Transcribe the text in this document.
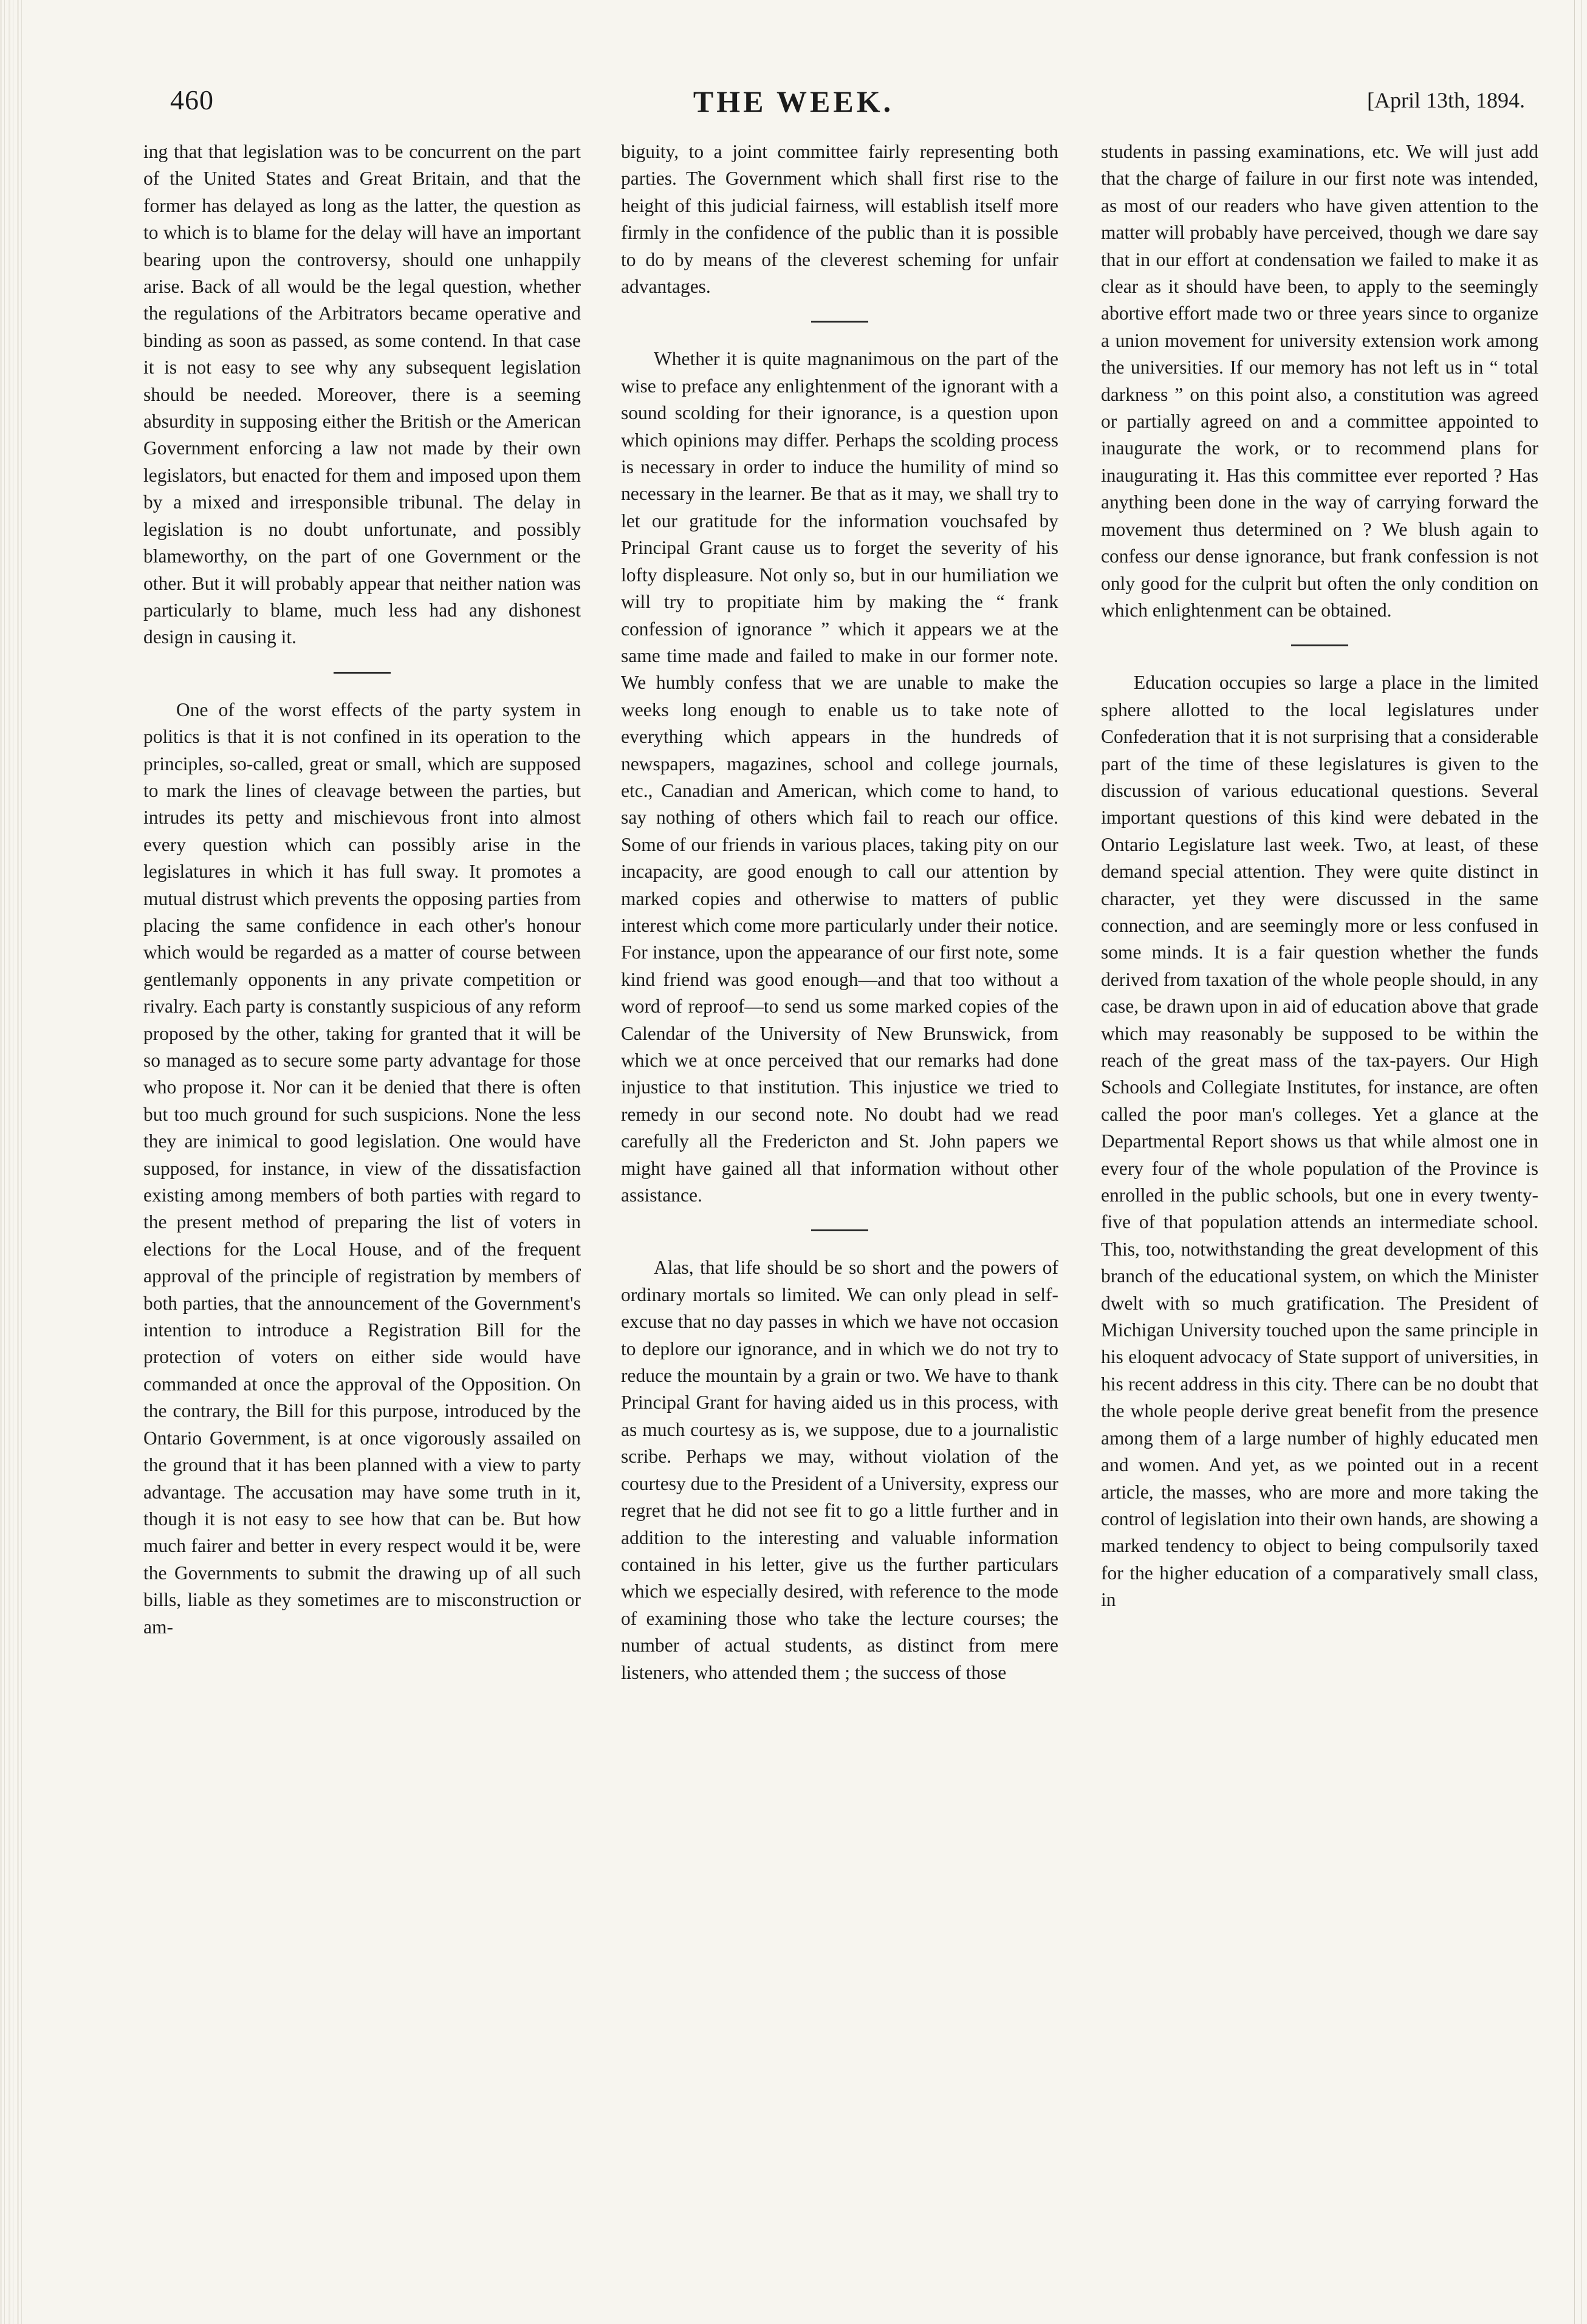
460	THE WEEK.	[April 13th, 1894.

ing that that legislation was to be concurrent on the part of the United States and Great Britain, and that the former has delayed as long as the latter, the question as to which is to blame for the delay will have an important bearing upon the controversy, should one unhappily arise. Back of all would be the legal question, whether the regulations of the Arbitrators became operative and binding as soon as passed, as some contend. In that case it is not easy to see why any subsequent legislation should be needed. Moreover, there is a seeming absurdity in supposing either the British or the American Government enforcing a law not made by their own legislators, but enacted for them and imposed upon them by a mixed and irresponsible tribunal. The delay in legislation is no doubt unfortunate, and possibly blameworthy, on the part of one Government or the other. But it will probably appear that neither nation was particularly to blame, much less had any dishonest design in causing it.

One of the worst effects of the party system in politics is that it is not confined in its operation to the principles, so-called, great or small, which are supposed to mark the lines of cleavage between the parties, but intrudes its petty and mischievous front into almost every question which can possibly arise in the legislatures in which it has full sway. It promotes a mutual distrust which prevents the opposing parties from placing the same confidence in each other's honour which would be regarded as a matter of course between gentlemanly opponents in any private competition or rivalry. Each party is constantly suspicious of any reform proposed by the other, taking for granted that it will be so managed as to secure some party advantage for those who propose it. Nor can it be denied that there is often but too much ground for such suspicions. None the less they are inimical to good legislation. One would have supposed, for instance, in view of the dissatisfaction existing among members of both parties with regard to the present method of preparing the list of voters in elections for the Local House, and of the frequent approval of the principle of registration by members of both parties, that the announcement of the Government's intention to introduce a Registration Bill for the protection of voters on either side would have commanded at once the approval of the Opposition. On the contrary, the Bill for this purpose, introduced by the Ontario Government, is at once vigorously assailed on the ground that it has been planned with a view to party advantage. The accusation may have some truth in it, though it is not easy to see how that can be. But how much fairer and better in every respect would it be, were the Governments to submit the drawing up of all such bills, liable as they sometimes are to misconstruction or am-

biguity, to a joint committee fairly representing both parties. The Government which shall first rise to the height of this judicial fairness, will establish itself more firmly in the confidence of the public than it is possible to do by means of the cleverest scheming for unfair advantages.

Whether it is quite magnanimous on the part of the wise to preface any enlightenment of the ignorant with a sound scolding for their ignorance, is a question upon which opinions may differ. Perhaps the scolding process is necessary in order to induce the humility of mind so necessary in the learner. Be that as it may, we shall try to let our gratitude for the information vouchsafed by Principal Grant cause us to forget the severity of his lofty displeasure. Not only so, but in our humiliation we will try to propitiate him by making the “ frank confession of ignorance ” which it appears we at the same time made and failed to make in our former note. We humbly confess that we are unable to make the weeks long enough to enable us to take note of everything which appears in the hundreds of newspapers, magazines, school and college journals, etc., Canadian and American, which come to hand, to say nothing of others which fail to reach our office. Some of our friends in various places, taking pity on our incapacity, are good enough to call our attention by marked copies and otherwise to matters of public interest which come more particularly under their notice. For instance, upon the appearance of our first note, some kind friend was good enough—and that too without a word of reproof—to send us some marked copies of the Calendar of the University of New Brunswick, from which we at once perceived that our remarks had done injustice to that institution. This injustice we tried to remedy in our second note. No doubt had we read carefully all the Fredericton and St. John papers we might have gained all that information without other assistance.

Alas, that life should be so short and the powers of ordinary mortals so limited. We can only plead in self-excuse that no day passes in which we have not occasion to deplore our ignorance, and in which we do not try to reduce the mountain by a grain or two. We have to thank Principal Grant for having aided us in this process, with as much courtesy as is, we suppose, due to a journalistic scribe. Perhaps we may, without violation of the courtesy due to the President of a University, express our regret that he did not see fit to go a little further and in addition to the interesting and valuable information contained in his letter, give us the further particulars which we especially desired, with reference to the mode of examining those who take the lecture courses; the number of actual students, as distinct from mere listeners, who attended them ; the success of those

students in passing examinations, etc. We will just add that the charge of failure in our first note was intended, as most of our readers who have given attention to the matter will probably have perceived, though we dare say that in our effort at condensation we failed to make it as clear as it should have been, to apply to the seemingly abortive effort made two or three years since to organize a union movement for university extension work among the universities. If our memory has not left us in “ total darkness ” on this point also, a constitution was agreed or partially agreed on and a committee appointed to inaugurate the work, or to recommend plans for inaugurating it. Has this committee ever reported ? Has anything been done in the way of carrying forward the movement thus determined on ? We blush again to confess our dense ignorance, but frank confession is not only good for the culprit but often the only condition on which enlightenment can be obtained.

Education occupies so large a place in the limited sphere allotted to the local legislatures under Confederation that it is not surprising that a considerable part of the time of these legislatures is given to the discussion of various educational questions. Several important questions of this kind were debated in the Ontario Legislature last week. Two, at least, of these demand special attention. They were quite distinct in character, yet they were discussed in the same connection, and are seemingly more or less confused in some minds. It is a fair question whether the funds derived from taxation of the whole people should, in any case, be drawn upon in aid of education above that grade which may reasonably be supposed to be within the reach of the great mass of the tax-payers. Our High Schools and Collegiate Institutes, for instance, are often called the poor man's colleges. Yet a glance at the Departmental Report shows us that while almost one in every four of the whole population of the Province is enrolled in the public schools, but one in every twenty-five of that population attends an intermediate school. This, too, notwithstanding the great development of this branch of the educational system, on which the Minister dwelt with so much gratification. The President of Michigan University touched upon the same principle in his eloquent advocacy of State support of universities, in his recent address in this city. There can be no doubt that the whole people derive great benefit from the presence among them of a large number of highly educated men and women. And yet, as we pointed out in a recent article, the masses, who are more and more taking the control of legislation into their own hands, are showing a marked tendency to object to being compulsorily taxed for the higher education of a comparatively small class, in
